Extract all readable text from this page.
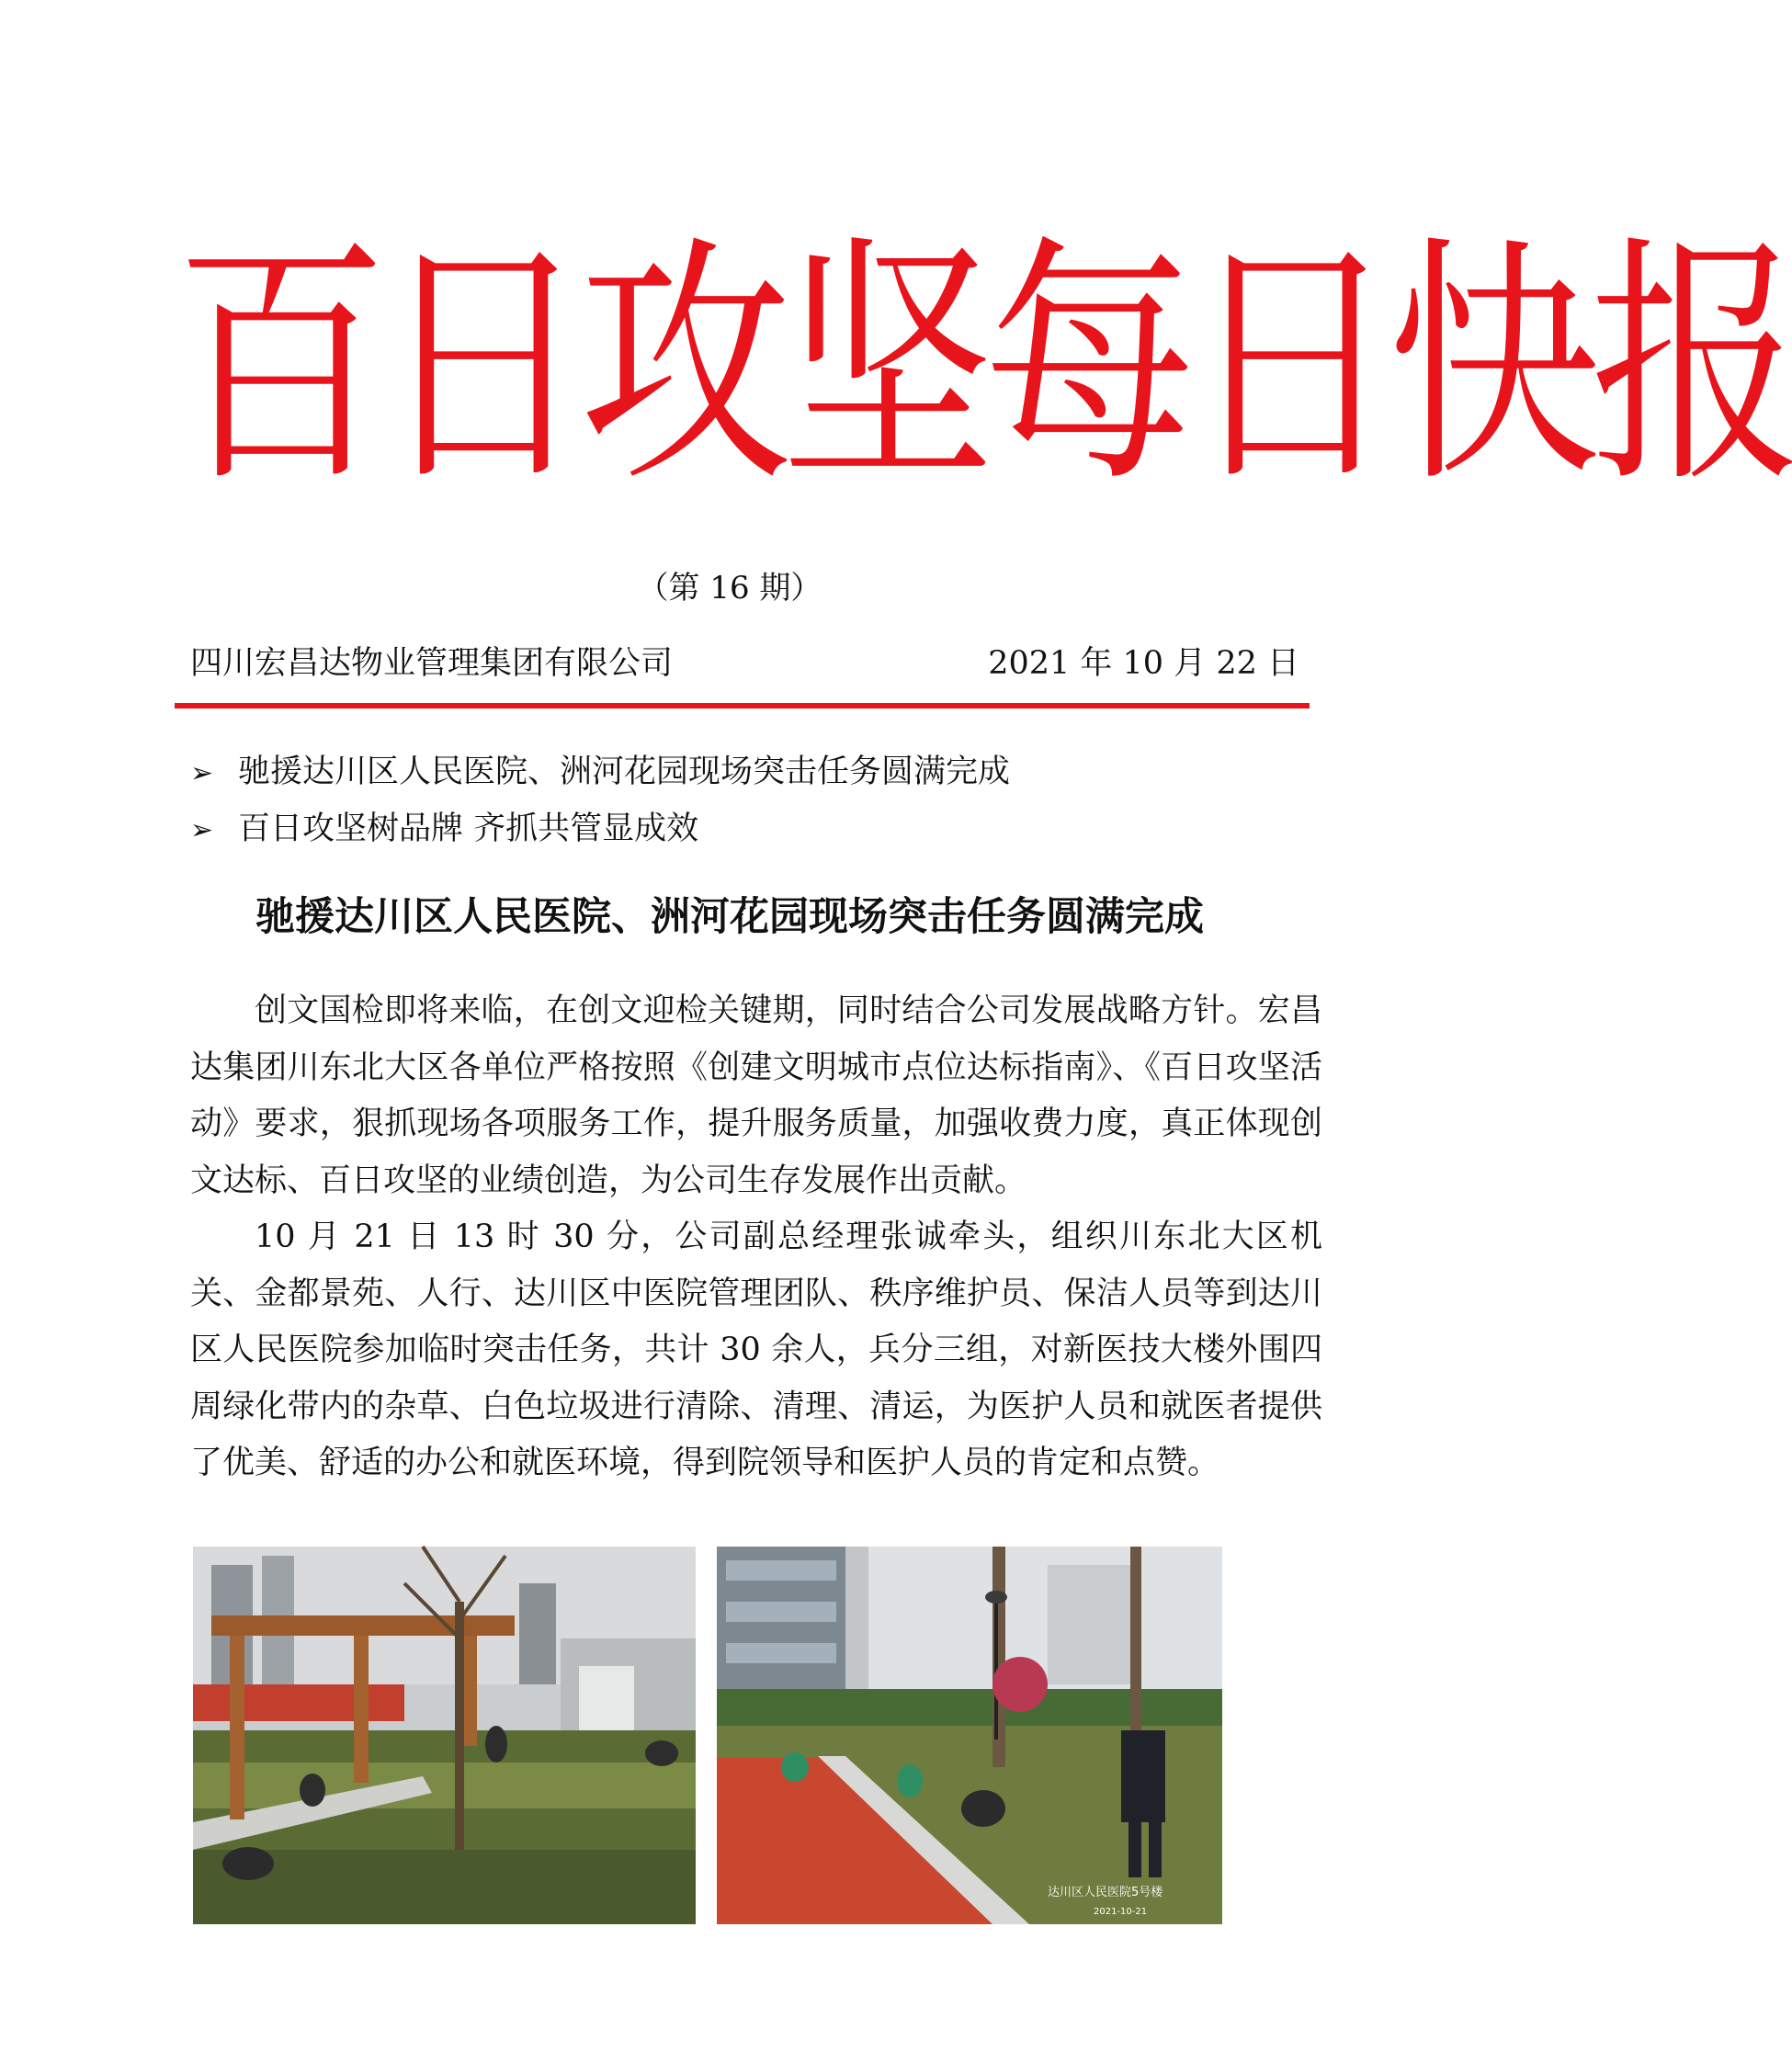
百日攻坚每日快报
（第 16 期）
四川宏昌达物业管理集团有限公司	2021 年 10 月 22 日
➢ 驰援达川区人民医院、洲河花园现场突击任务圆满完成
➢ 百日攻坚树品牌 齐抓共管显成效
驰援达川区人民医院、洲河花园现场突击任务圆满完成

创文国检即将来临，在创文迎检关键期，同时结合公司发展战略方针。宏昌达集团川东北大区各单位严格按照《创建文明城市点位达标指南》、《百日攻坚活动》要求，狠抓现场各项服务工作，提升服务质量，加强收费力度，真正体现创文达标、百日攻坚的业绩创造，为公司生存发展作出贡献。

10 月 21 日 13 时 30 分，公司副总经理张诚牵头，组织川东北大区机关、金都景苑、人行、达川区中医院管理团队、秩序维护员、保洁人员等到达川区人民医院参加临时突击任务，共计 30 余人，兵分三组，对新医技大楼外围四周绿化带内的杂草、白色垃圾进行清除、清理、清运，为医护人员和就医者提供了优美、舒适的办公和就医环境，得到院领导和医护人员的肯定和点赞。

达川区人民医院5号楼
2021-10-21
